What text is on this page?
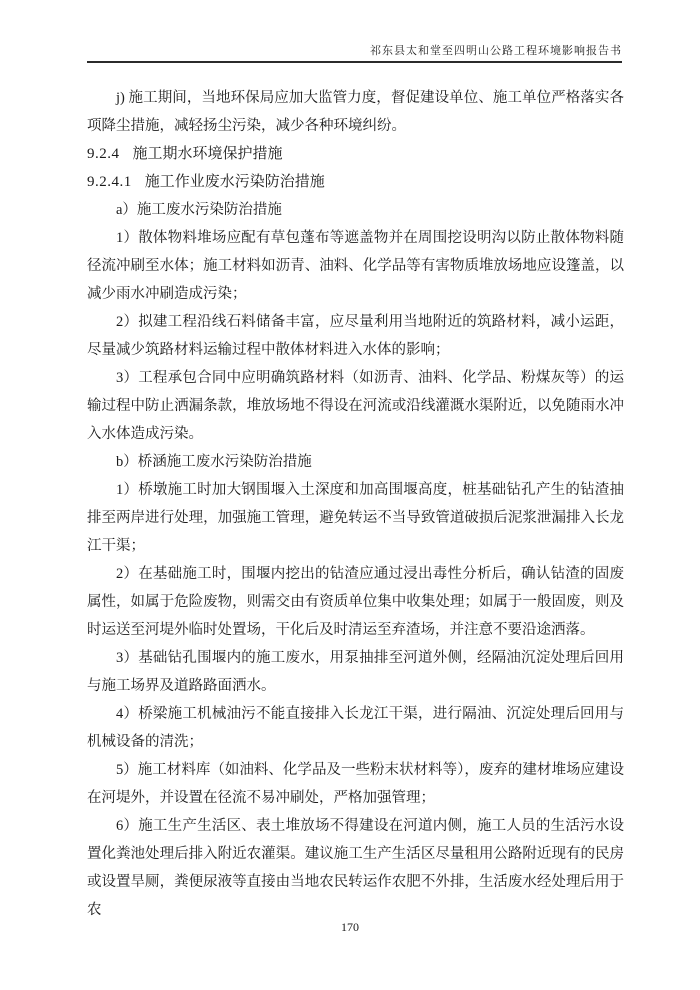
祁东县太和堂至四明山公路工程环境影响报告书

j) 施工期间，当地环保局应加大监管力度，督促建设单位、施工单位严格落实各项降尘措施，减轻扬尘污染，减少各种环境纠纷。

9.2.4 施工期水环境保护措施
9.2.4.1 施工作业废水污染防治措施

a）施工废水污染防治措施

1）散体物料堆场应配有草包蓬布等遮盖物并在周围挖设明沟以防止散体物料随径流冲刷至水体；施工材料如沥青、油料、化学品等有害物质堆放场地应设篷盖，以减少雨水冲刷造成污染；

2）拟建工程沿线石料储备丰富，应尽量利用当地附近的筑路材料，减小运距，尽量减少筑路材料运输过程中散体材料进入水体的影响；

3）工程承包合同中应明确筑路材料（如沥青、油料、化学品、粉煤灰等）的运输过程中防止洒漏条款，堆放场地不得设在河流或沿线灌溉水渠附近，以免随雨水冲入水体造成污染。

b）桥涵施工废水污染防治措施

1）桥墩施工时加大钢围堰入土深度和加高围堰高度，桩基础钻孔产生的钻渣抽排至两岸进行处理，加强施工管理，避免转运不当导致管道破损后泥浆泄漏排入长龙江干渠；

2）在基础施工时，围堰内挖出的钻渣应通过浸出毒性分析后，确认钻渣的固废属性，如属于危险废物，则需交由有资质单位集中收集处理；如属于一般固废，则及时运送至河堤外临时处置场，干化后及时清运至弃渣场，并注意不要沿途洒落。

3）基础钻孔围堰内的施工废水，用泵抽排至河道外侧，经隔油沉淀处理后回用与施工场界及道路路面洒水。

4）桥梁施工机械油污不能直接排入长龙江干渠，进行隔油、沉淀处理后回用与机械设备的清洗；

5）施工材料库（如油料、化学品及一些粉末状材料等），废弃的建材堆场应建设在河堤外，并设置在径流不易冲刷处，严格加强管理；

6）施工生产生活区、表土堆放场不得建设在河道内侧，施工人员的生活污水设置化粪池处理后排入附近农灌渠。建议施工生产生活区尽量租用公路附近现有的民房或设置旱厕，粪便尿液等直接由当地农民转运作农肥不外排，生活废水经处理后用于农

170
